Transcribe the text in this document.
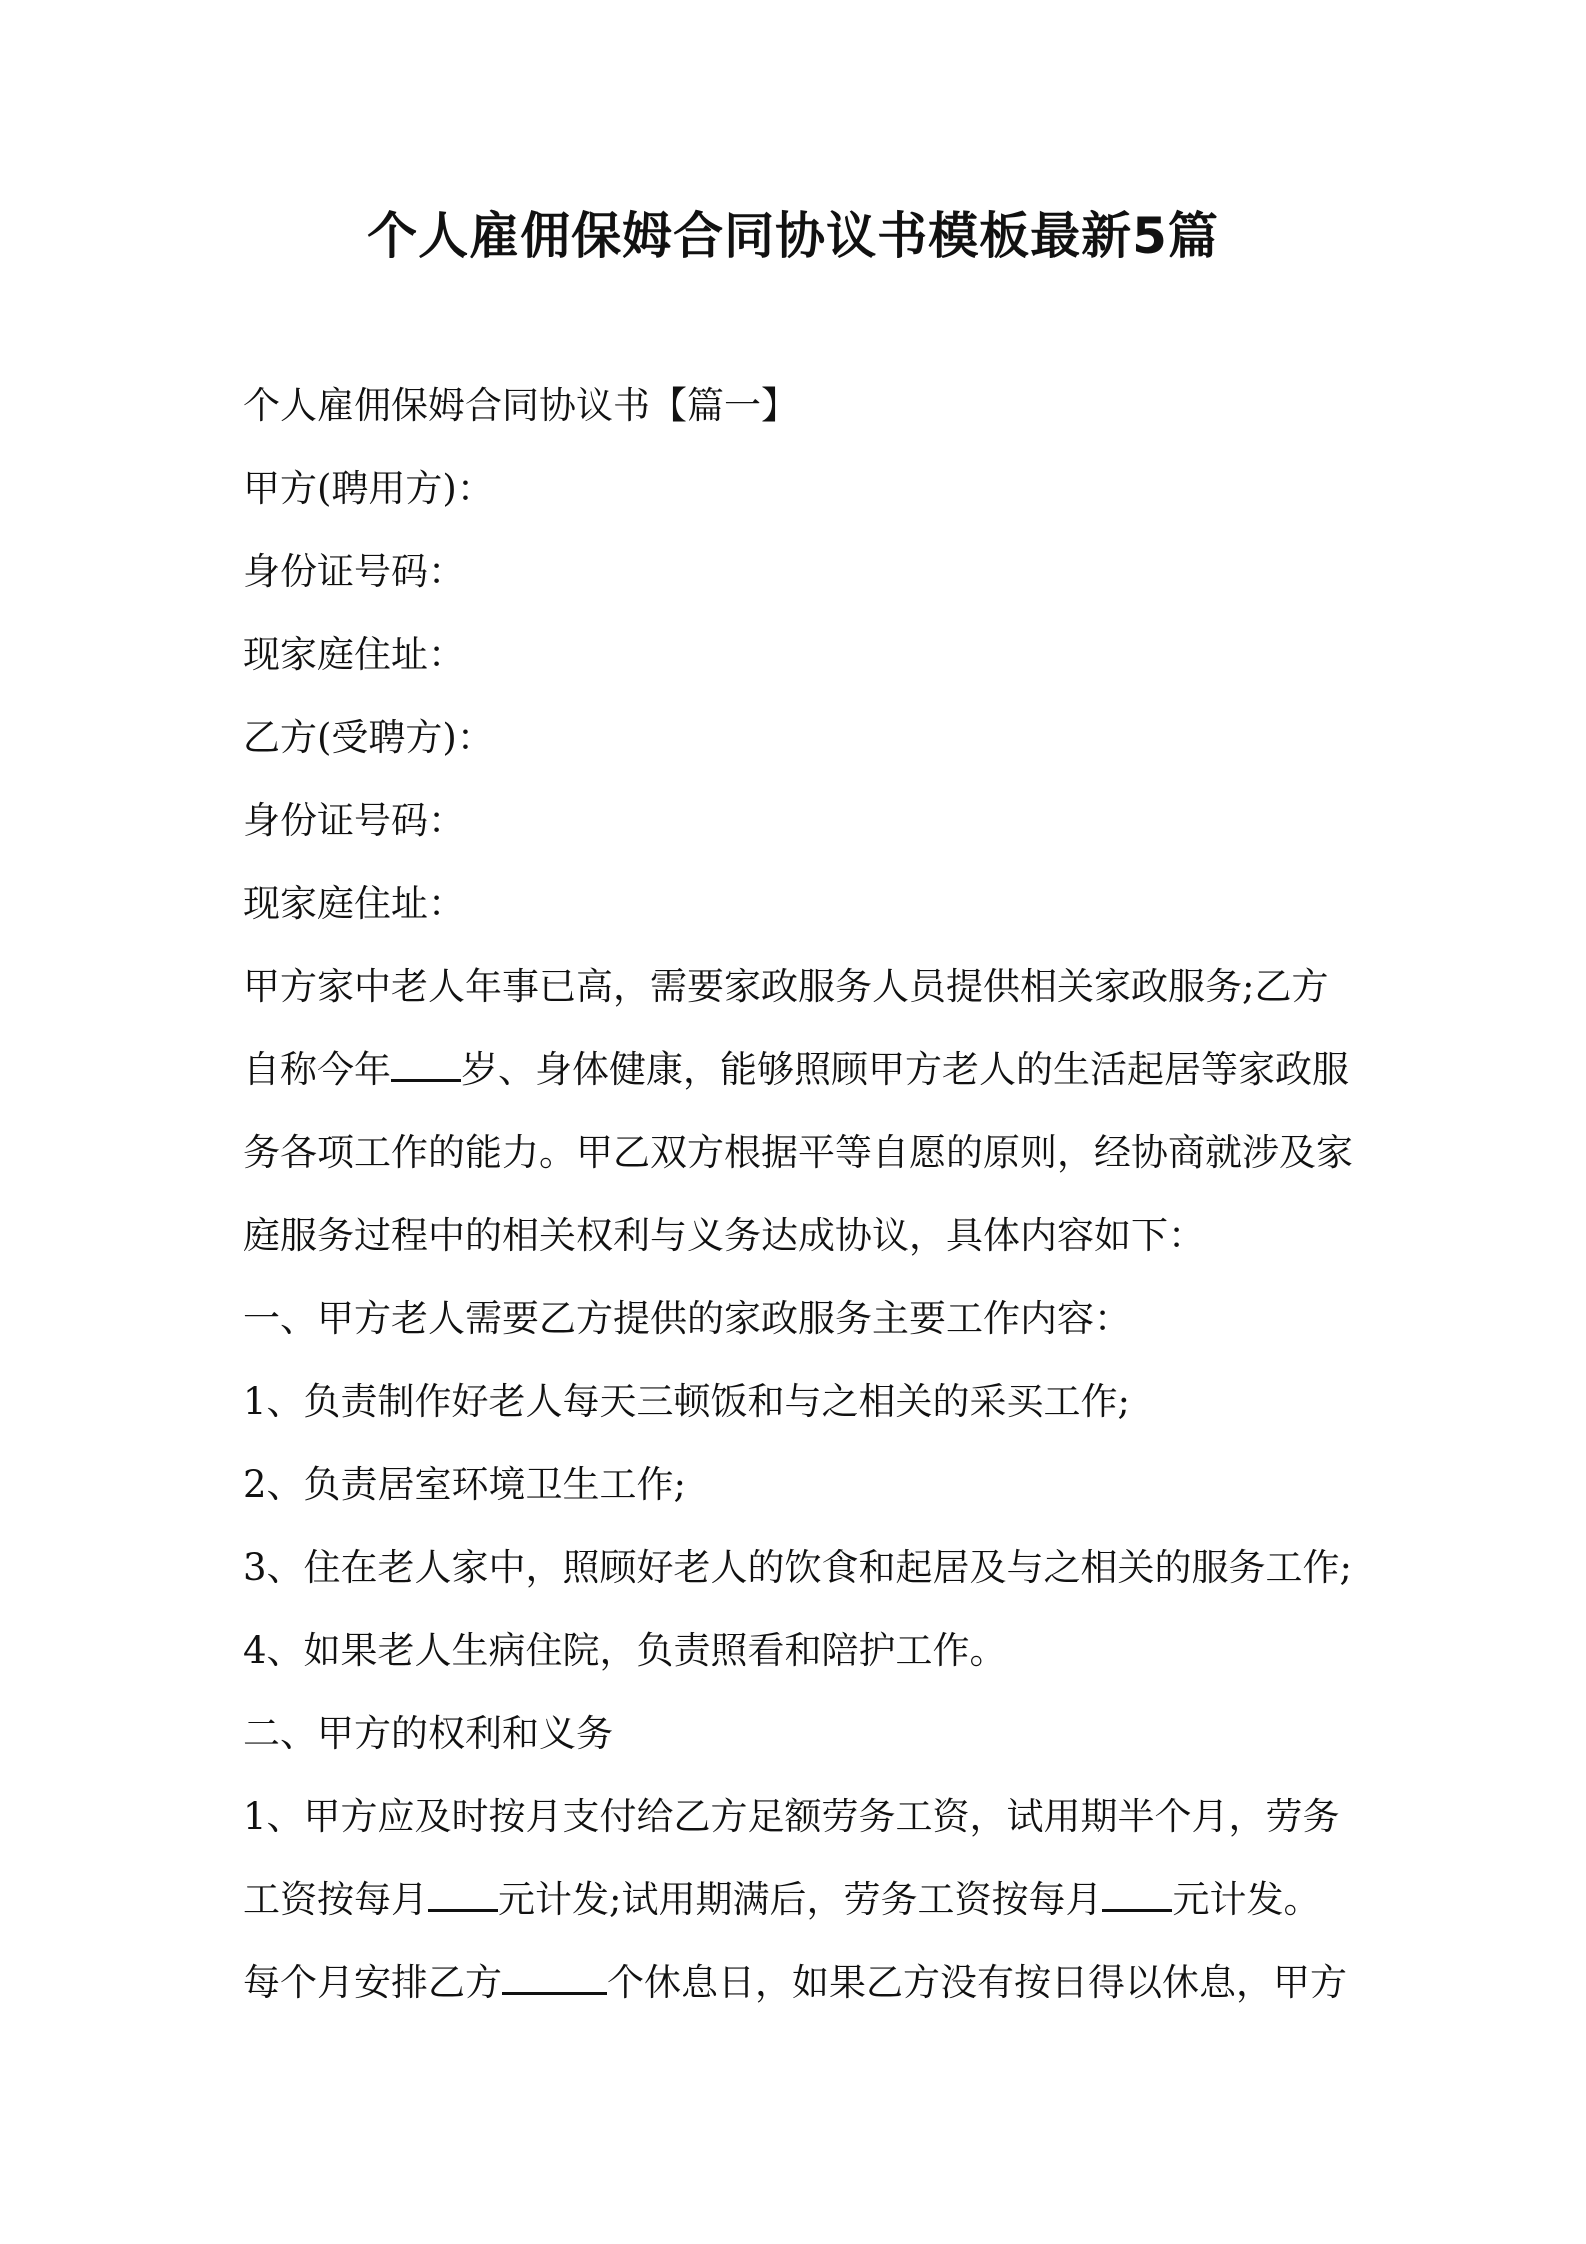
个人雇佣保姆合同协议书模板最新5篇
个人雇佣保姆合同协议书【篇一】
甲方(聘用方)：
身份证号码：
现家庭住址：
乙方(受聘方)：
身份证号码：
现家庭住址：
甲方家中老人年事已高，需要家政服务人员提供相关家政服务;乙方
自称今年 岁、身体健康，能够照顾甲方老人的生活起居等家政服
务各项工作的能力。甲乙双方根据平等自愿的原则，经协商就涉及家
庭服务过程中的相关权利与义务达成协议，具体内容如下：
一、甲方老人需要乙方提供的家政服务主要工作内容：
1、负责制作好老人每天三顿饭和与之相关的采买工作;
2、负责居室环境卫生工作;
3、住在老人家中，照顾好老人的饮食和起居及与之相关的服务工作;
4、如果老人生病住院，负责照看和陪护工作。
二、甲方的权利和义务
1、甲方应及时按月支付给乙方足额劳务工资，试用期半个月，劳务
工资按每月 元计发;试用期满后，劳务工资按每月 元计发。
每个月安排乙方	个休息日，如果乙方没有按日得以休息，甲方
